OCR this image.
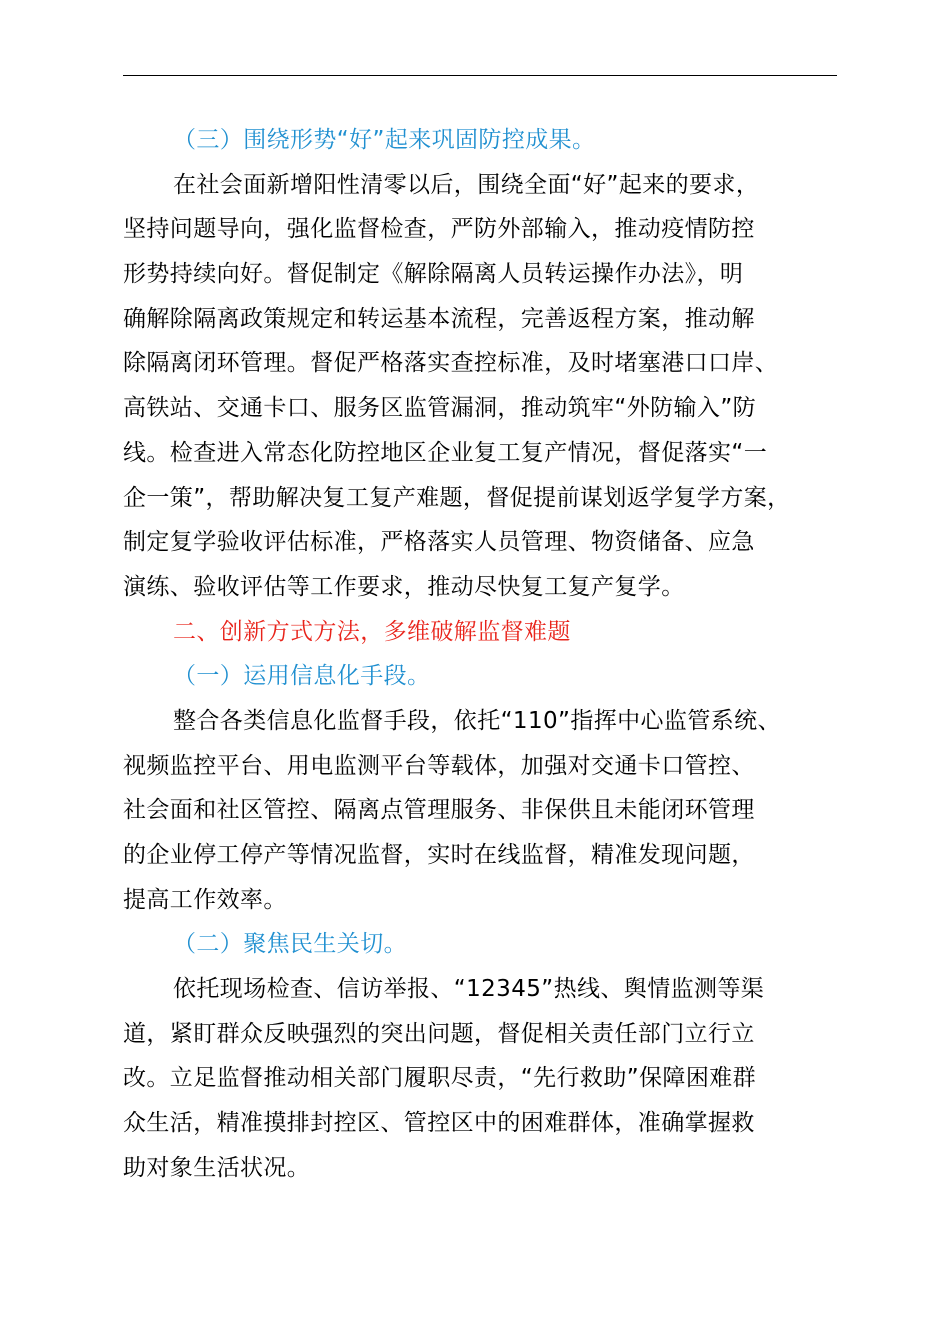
（三）围绕形势“好”起来巩固防控成果。
在社会面新增阳性清零以后，围绕全面“好”起来的要求，
坚持问题导向，强化监督检查，严防外部输入，推动疫情防控
形势持续向好。督促制定《解除隔离人员转运操作办法》，明
确解除隔离政策规定和转运基本流程，完善返程方案，推动解
除隔离闭环管理。督促严格落实查控标准，及时堵塞港口口岸、
高铁站、交通卡口、服务区监管漏洞，推动筑牢“外防输入”防
线。检查进入常态化防控地区企业复工复产情况，督促落实“一
企一策”，帮助解决复工复产难题，督促提前谋划返学复学方案，
制定复学验收评估标准，严格落实人员管理、物资储备、应急
演练、验收评估等工作要求，推动尽快复工复产复学。
二、创新方式方法，多维破解监督难题
（一）运用信息化手段。
整合各类信息化监督手段，依托“110”指挥中心监管系统、
视频监控平台、用电监测平台等载体，加强对交通卡口管控、
社会面和社区管控、隔离点管理服务、非保供且未能闭环管理
的企业停工停产等情况监督，实时在线监督，精准发现问题，
提高工作效率。
（二）聚焦民生关切。
依托现场检查、信访举报、“12345”热线、舆情监测等渠
道，紧盯群众反映强烈的突出问题，督促相关责任部门立行立
改。立足监督推动相关部门履职尽责，“先行救助”保障困难群
众生活，精准摸排封控区、管控区中的困难群体，准确掌握救
助对象生活状况。
